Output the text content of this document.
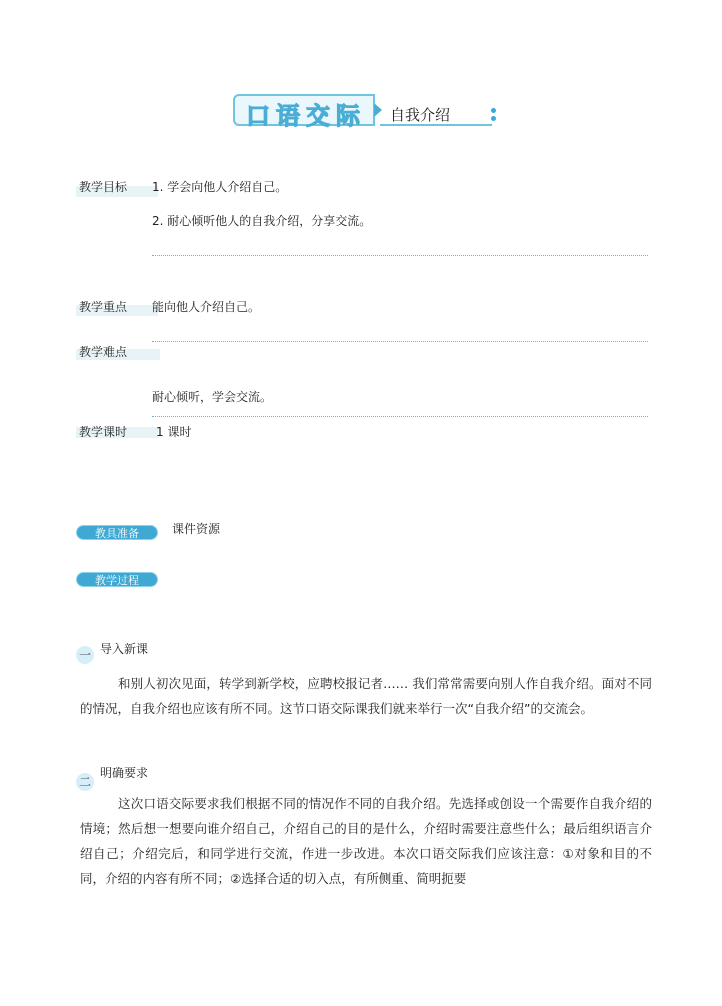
口语交际 自我介绍
教学目标 1. 学会向他人介绍自己。
2. 耐心倾听他人的自我介绍，分享交流。
教学重点 能向他人介绍自己。
教学难点
耐心倾听，学会交流。
教学课时 1 课时
教具准备	课件资源
教学过程
一 导入新课
和别人初次见面，转学到新学校，应聘校报记者…… 我们常常需要向别人作自我介绍。面对不同的情况，自我介绍也应该有所不同。这节口语交际课我们就来举行一次“自我介绍”的交流会。
二
明确要求
这次口语交际要求我们根据不同的情况作不同的自我介绍。先选择或创设一个需要作自我介绍的情境；然后想一想要向谁介绍自己，介绍自己的目的是什么，介绍时需要注意些什么；最后组织语言介绍自己；介绍完后，和同学进行交流，作进一步改进。本次口语交际我们应该注意：①对象和目的不同，介绍的内容有所不同；②选择合适的切入点，有所侧重、简明扼要
